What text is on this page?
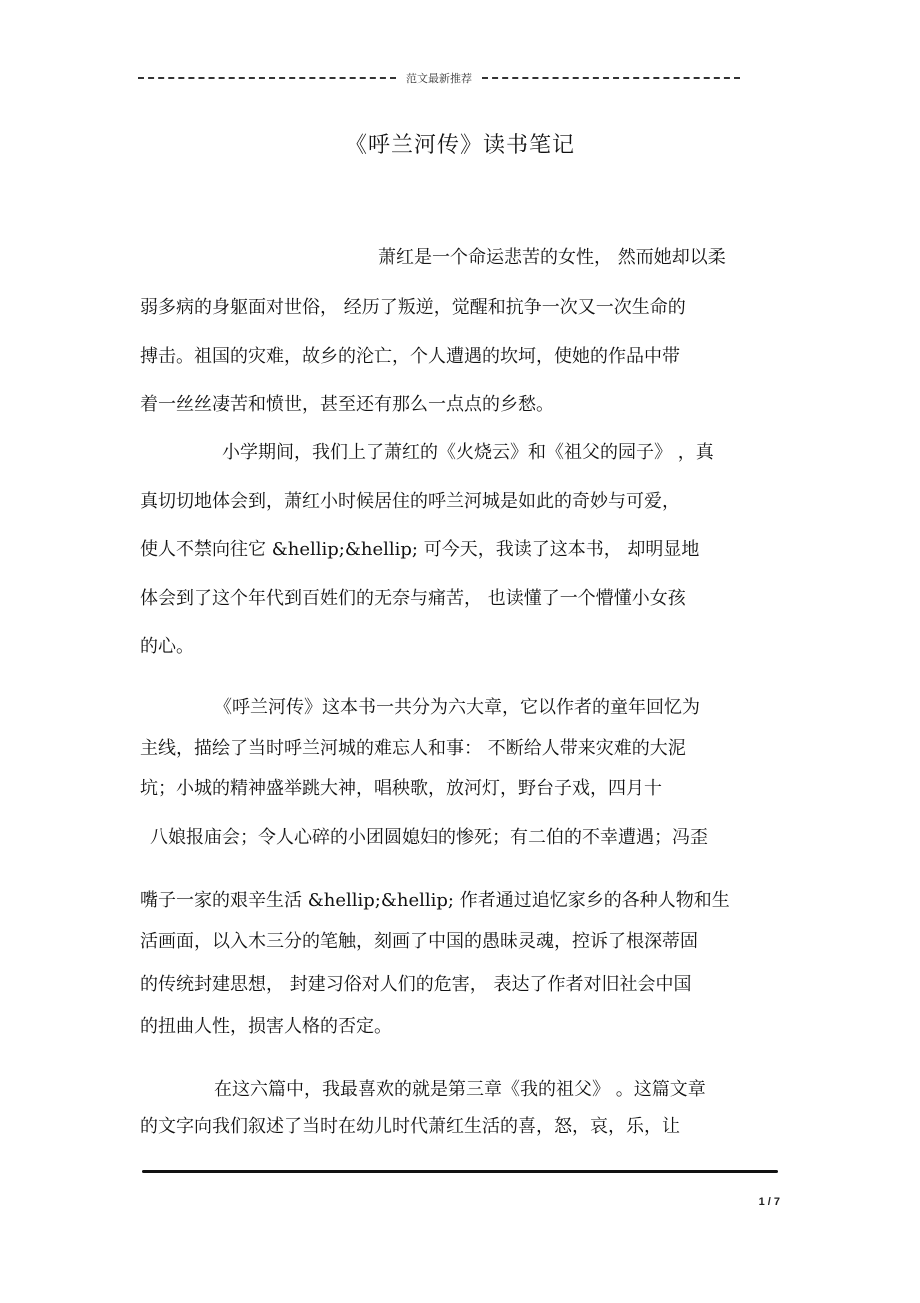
范文最新推荐
《呼兰河传》读书笔记
萧红是一个命运悲苦的女性， 然而她却以柔
弱多病的身躯面对世俗， 经历了叛逆，觉醒和抗争一次又一次生命的
搏击。祖国的灾难，故乡的沦亡，个人遭遇的坎坷，使她的作品中带
着一丝丝凄苦和愤世，甚至还有那么一点点的乡愁。
小学期间，我们上了萧红的《火烧云》和《祖父的园子》 ，真
真切切地体会到，萧红小时候居住的呼兰河城是如此的奇妙与可爱，
使人不禁向往它 &hellip;&hellip; 可今天，我读了这本书， 却明显地
体会到了这个年代到百姓们的无奈与痛苦， 也读懂了一个懵懂小女孩
的心。
《呼兰河传》这本书一共分为六大章，它以作者的童年回忆为
主线，描绘了当时呼兰河城的难忘人和事： 不断给人带来灾难的大泥
坑；小城的精神盛举跳大神，唱秧歌，放河灯，野台子戏，四月十
八娘报庙会；令人心碎的小团圆媳妇的惨死；有二伯的不幸遭遇；冯歪
嘴子一家的艰辛生活 &hellip;&hellip; 作者通过追忆家乡的各种人物和生
活画面，以入木三分的笔触，刻画了中国的愚昧灵魂，控诉了根深蒂固
的传统封建思想， 封建习俗对人们的危害， 表达了作者对旧社会中国
的扭曲人性，损害人格的否定。
在这六篇中，我最喜欢的就是第三章《我的祖父》 。这篇文章
的文字向我们叙述了当时在幼儿时代萧红生活的喜，怒，哀，乐，让
1 / 7
